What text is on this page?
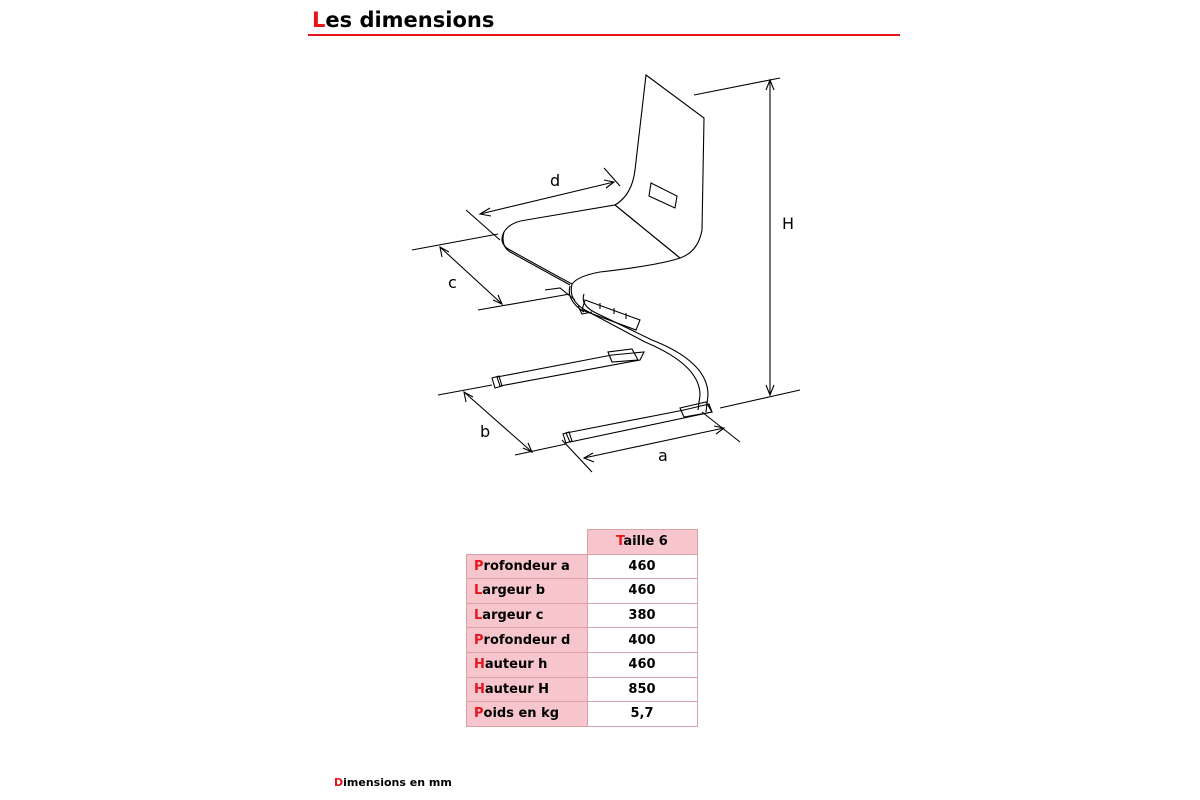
Les dimensions
d
H
c
b
a
	Taille 6
Profondeur a	460
Largeur b	460
Largeur c	380
Profondeur d	400
Hauteur h	460
Hauteur H	850
Poids en kg	5,7
Dimensions en mm
